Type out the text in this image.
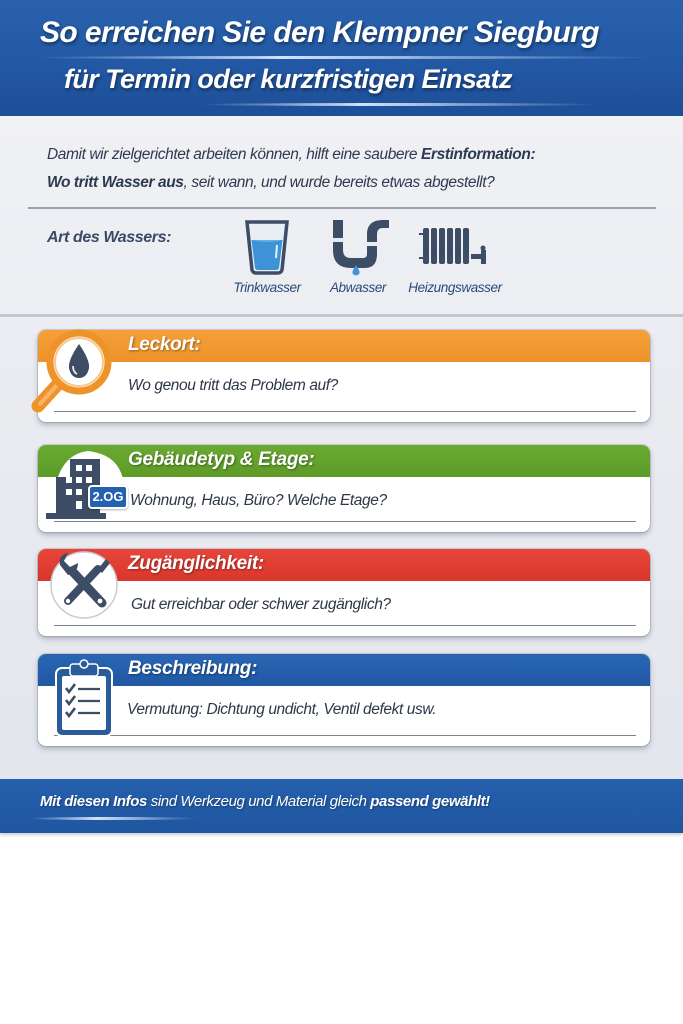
So erreichen Sie den Klempner Siegburg
für Termin oder kurzfristigen Einsatz
Damit wir zielgerichtet arbeiten können, hilft eine saubere Erstinformation:
Wo tritt Wasser aus, seit wann, und wurde bereits etwas abgestellt?
Art des Wassers:
Trinkwasser	Abwasser	Heizungswasser
Leckort:
Wo genou tritt das Problem auf?
Gebäudetyp & Etage:
Wohnung, Haus, Büro? Welche Etage?
2.OG
Zugänglichkeit:
Gut erreichbar oder schwer zugänglich?
Beschreibung:
Vermutung: Dichtung undicht, Ventil defekt usw.
Mit diesen Infos sind Werkzeug und Material gleich passend gewählt!
